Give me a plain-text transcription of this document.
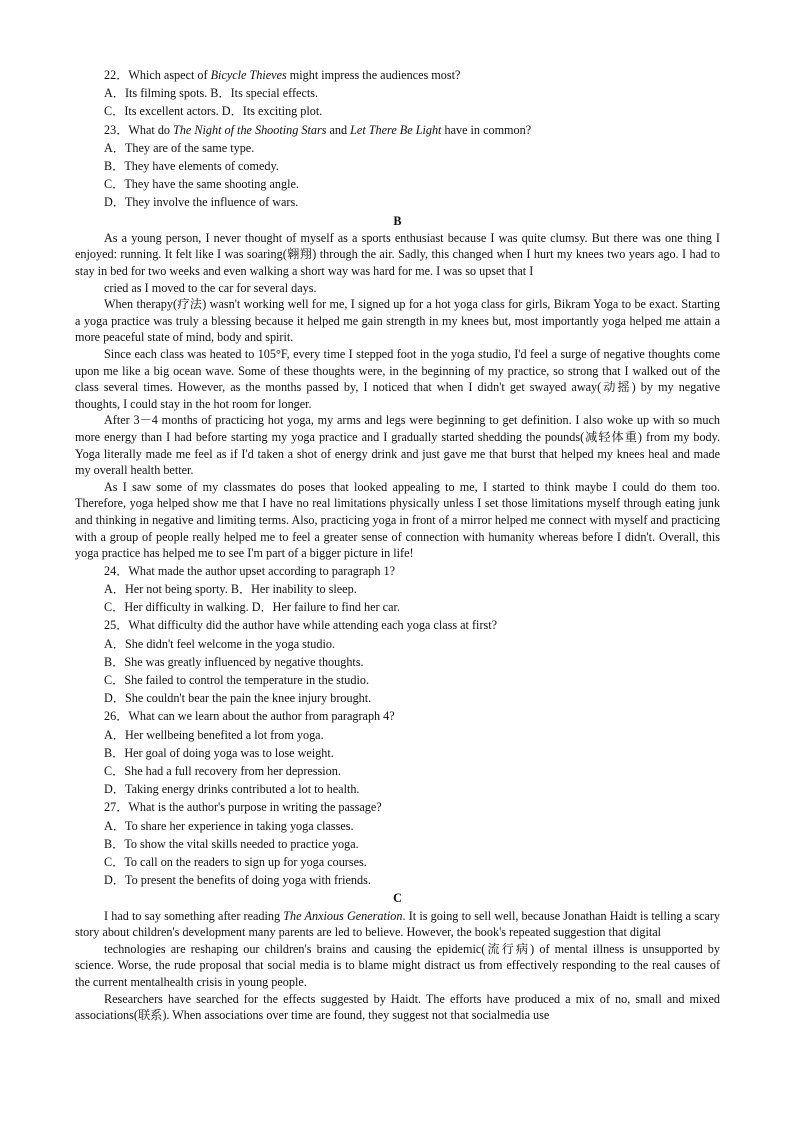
22．Which aspect of Bicycle Thieves might impress the audiences most?

A．Its filming spots. B．Its special effects.

C．Its excellent actors. D．Its exciting plot.

23．What do The Night of the Shooting Stars and Let There Be Light have in common?

A．They are of the same type.

B．They have elements of comedy.

C．They have the same shooting angle.

D．They involve the influence of wars.

B

As a young person, I never thought of myself as a sports enthusiast because I was quite clumsy. But there was one thing I enjoyed: running. It felt like I was soaring(翱翔) through the air. Sadly, this changed when I hurt my knees two years ago. I had to stay in bed for two weeks and even walking a short way was hard for me. I was so upset that I

cried as I moved to the car for several days.

When therapy(疗法) wasn't working well for me, I signed up for a hot yoga class for girls, Bikram Yoga to be exact. Starting a yoga practice was truly a blessing because it helped me gain strength in my knees but, most importantly yoga helped me attain a more peaceful state of mind, body and spirit.

Since each class was heated to 105°F, every time I stepped foot in the yoga studio, I'd feel a surge of negative thoughts come upon me like a big ocean wave. Some of these thoughts were, in the beginning of my practice, so strong that I walked out of the class several times. However, as the months passed by, I noticed that when I didn't get swayed away(动摇) by my negative thoughts, I could stay in the hot room for longer.

After 3－4 months of practicing hot yoga, my arms and legs were beginning to get definition. I also woke up with so much more energy than I had before starting my yoga practice and I gradually started shedding the pounds(减轻体重) from my body. Yoga literally made me feel as if I'd taken a shot of energy drink and just gave me that burst that helped my knees heal and made my overall health better.

As I saw some of my classmates do poses that looked appealing to me, I started to think maybe I could do them too. Therefore, yoga helped show me that I have no real limitations physically unless I set those limitations myself through eating junk and thinking in negative and limiting terms. Also, practicing yoga in front of a mirror helped me connect with myself and practicing with a group of people really helped me to feel a greater sense of connection with humanity whereas before I didn't. Overall, this yoga practice has helped me to see I'm part of a bigger picture in life!

24．What made the author upset according to paragraph 1?

A．Her not being sporty. B．Her inability to sleep.

C．Her difficulty in walking. D．Her failure to find her car.

25．What difficulty did the author have while attending each yoga class at first?

A．She didn't feel welcome in the yoga studio.

B．She was greatly influenced by negative thoughts.

C．She failed to control the temperature in the studio.

D．She couldn't bear the pain the knee injury brought.

26．What can we learn about the author from paragraph 4?

A．Her wellbeing benefited a lot from yoga.

B．Her goal of doing yoga was to lose weight.

C．She had a full recovery from her depression.

D．Taking energy drinks contributed a lot to health.

27．What is the author's purpose in writing the passage?

A．To share her experience in taking yoga classes.

B．To show the vital skills needed to practice yoga.

C．To call on the readers to sign up for yoga courses.

D．To present the benefits of doing yoga with friends.

C

I had to say something after reading The Anxious Generation. It is going to sell well, because Jonathan Haidt is telling a scary story about children's development many parents are led to believe. However, the book's repeated suggestion that digital

technologies are reshaping our children's brains and causing the epidemic(流行病) of mental illness is unsupported by science. Worse, the rude proposal that social media is to blame might distract us from effectively responding to the real causes of the current mentalhealth crisis in young people.

Researchers have searched for the effects suggested by Haidt. The efforts have produced a mix of no, small and mixed associations(联系). When associations over time are found, they suggest not that socialmedia use
